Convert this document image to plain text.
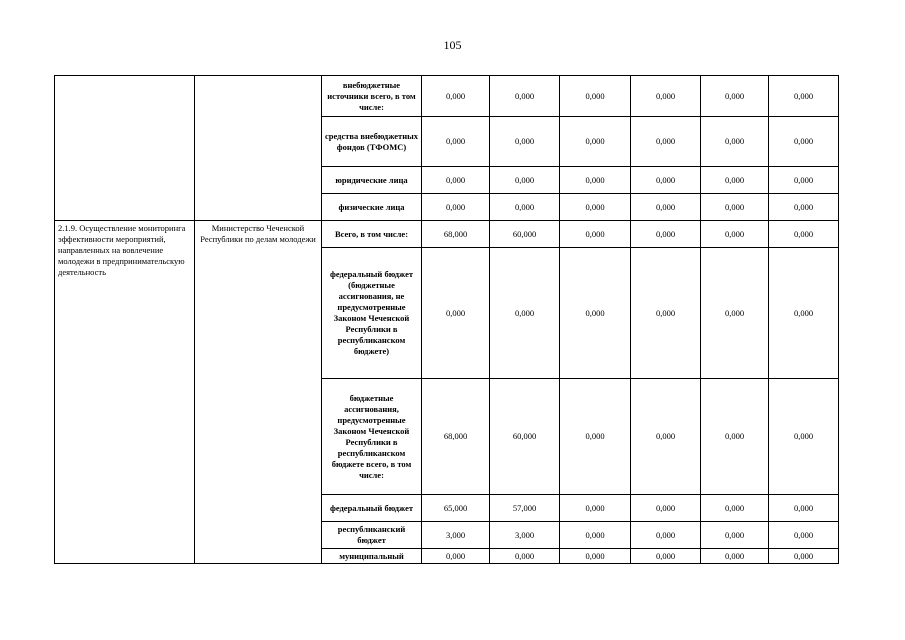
105
		внебюджетные источники всего, в том числе:	0,000	0,000	0,000	0,000	0,000	0,000
		средства внебюджетных фондов (ТФОМС)	0,000	0,000	0,000	0,000	0,000	0,000
		юридические лица	0,000	0,000	0,000	0,000	0,000	0,000
		физические лица	0,000	0,000	0,000	0,000	0,000	0,000
2.1.9. Осуществление мониторинга эффективности мероприятий, направленных на вовлечение молодежи в предпринимательскую деятельность	Министерство Чеченской Республики по делам молодежи	Всего, в том числе:	68,000	60,000	0,000	0,000	0,000	0,000
		федеральный бюджет (бюджетные ассигнования, не предусмотренные Законом Чеченской Республики в республиканском бюджете)	0,000	0,000	0,000	0,000	0,000	0,000
		бюджетные ассигнования, предусмотренные Законом Чеченской Республики в республиканском бюджете всего, в том числе:	68,000	60,000	0,000	0,000	0,000	0,000
		федеральный бюджет	65,000	57,000	0,000	0,000	0,000	0,000
		республиканский бюджет	3,000	3,000	0,000	0,000	0,000	0,000
		муниципальный	0,000	0,000	0,000	0,000	0,000	0,000
